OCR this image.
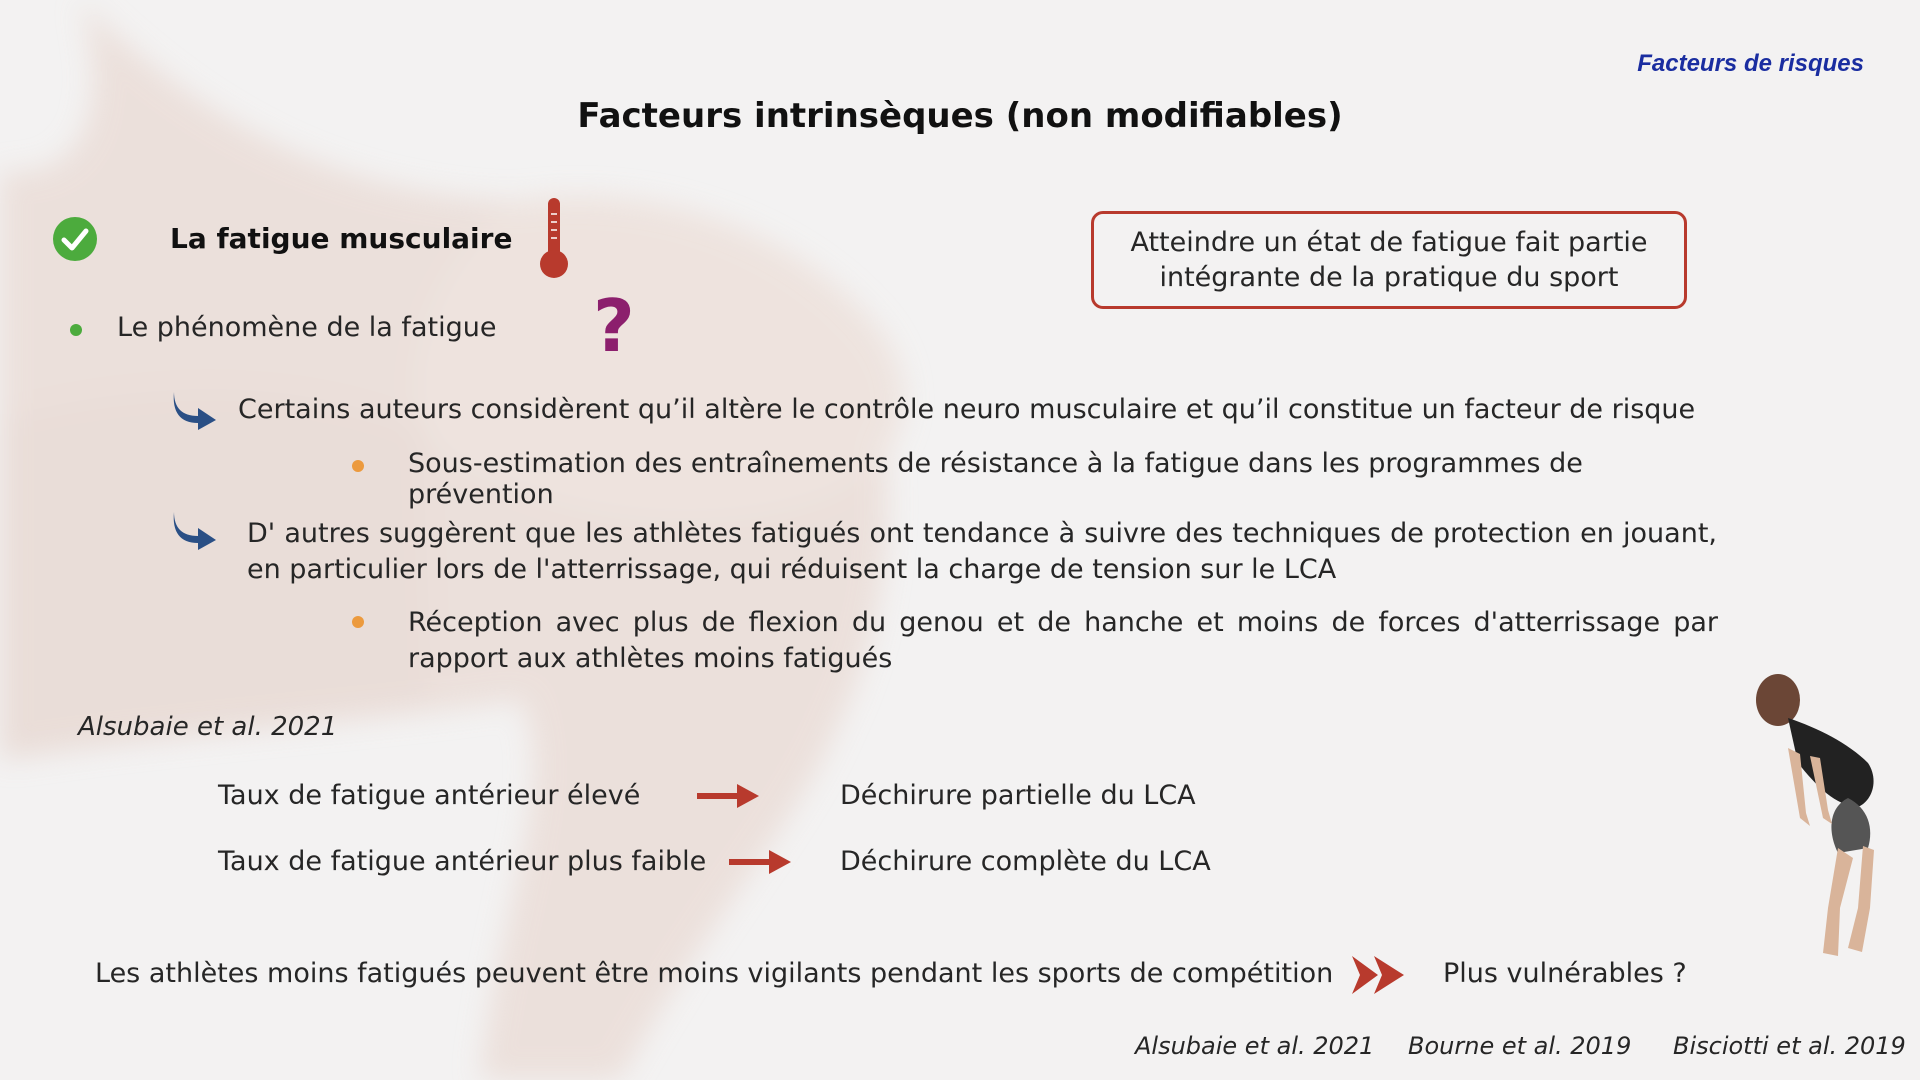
Facteurs de risques
Facteurs intrinsèques (non modifiables)
La fatigue musculaire	Atteindre un état de fatigue fait partie intégrante de la pratique du sport
Le phénomène de la fatigue ?
Certains auteurs considèrent qu’il altère le contrôle neuro musculaire et qu’il constitue un facteur de risque
Sous-estimation des entraînements de résistance à la fatigue dans les programmes de prévention
D' autres suggèrent que les athlètes fatigués ont tendance à suivre des techniques de protection en jouant, en particulier lors de l'atterrissage, qui réduisent la charge de tension sur le LCA
Réception avec plus de flexion du genou et de hanche et moins de forces d'atterrissage par rapport aux athlètes moins fatigués
Alsubaie et al. 2021
Taux de fatigue antérieur élevé	Déchirure partielle du LCA
Taux de fatigue antérieur plus faible	Déchirure complète du LCA
Les athlètes moins fatigués peuvent être moins vigilants pendant les sports de compétition	Plus vulnérables ?
Alsubaie et al. 2021 Bourne et al. 2019 Bisciotti et al. 2019
